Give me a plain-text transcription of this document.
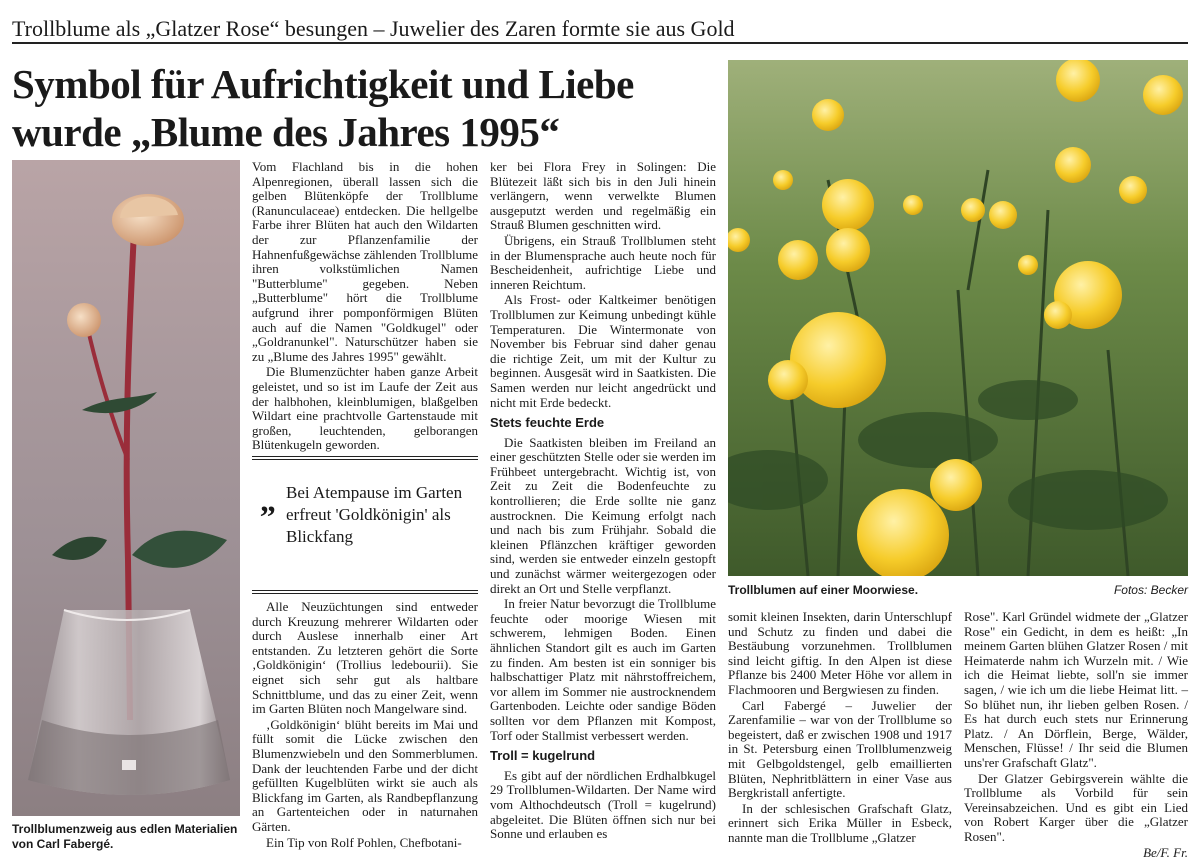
Trollblume als „Glatzer Rose“ besungen – Juwelier des Zaren formte sie aus Gold
Symbol für Aufrichtigkeit und Liebe
wurde „Blume des Jahres 1995“
Trollblumenzweig aus edlen Materialien von Carl Fabergé.

Vom Flachland bis in die hohen Alpenregionen, überall lassen sich die gelben Blütenköpfe der Trollblume (Ranunculaceae) entdecken. Die hellgelbe Farbe ihrer Blüten hat auch den Wildarten der zur Pflanzenfamilie der Hahnenfußgewächse zählenden Trollblume ihren volkstümlichen Namen "Butterblume" gegeben. Neben „Butterblume" hört die Trollblume aufgrund ihrer pomponförmigen Blüten auch auf die Namen "Goldkugel" oder „Goldranunkel". Naturschützer haben sie zu „Blume des Jahres 1995" gewählt.

Die Blumenzüchter haben ganze Arbeit geleistet, und so ist im Laufe der Zeit aus der halbhohen, kleinblumigen, blaßgelben Wildart eine prachtvolle Gartenstaude mit großen, leuchtenden, gelborangen Blütenkugeln geworden.

„ Bei Atempause im Garten erfreut 'Goldkönigin' als Blickfang

Alle Neuzüchtungen sind entweder durch Kreuzung mehrerer Wildarten oder durch Auslese innerhalb einer Art entstanden. Zu letzteren gehört die Sorte ‚Goldkönigin‘ (Trollius ledebourii). Sie eignet sich sehr gut als haltbare Schnittblume, und das zu einer Zeit, wenn im Garten Blüten noch Mangelware sind.

‚Goldkönigin‘ blüht bereits im Mai und füllt somit die Lücke zwischen den Blumenzwiebeln und den Sommerblumen. Dank der leuchtenden Farbe und der dicht gefüllten Kugelblüten wirkt sie auch als Blickfang im Garten, als Randbepflanzung an Gartenteichen oder in naturnahen Gärten.

Ein Tip von Rolf Pohlen, Chefbotani-

ker bei Flora Frey in Solingen: Die Blütezeit läßt sich bis in den Juli hinein verlängern, wenn verwelkte Blumen ausgeputzt werden und regelmäßig ein Strauß Blumen geschnitten wird.

Übrigens, ein Strauß Trollblumen steht in der Blumensprache auch heute noch für Bescheidenheit, aufrichtige Liebe und inneren Reichtum.

Als Frost- oder Kaltkeimer benötigen Trollblumen zur Keimung unbedingt kühle Temperaturen. Die Wintermonate von November bis Februar sind daher genau die richtige Zeit, um mit der Kultur zu beginnen. Ausgesät wird in Saatkisten. Die Samen werden nur leicht angedrückt und nicht mit Erde bedeckt.

Stets feuchte Erde

Die Saatkisten bleiben im Freiland an einer geschützten Stelle oder sie werden im Frühbeet untergebracht. Wichtig ist, von Zeit zu Zeit die Bodenfeuchte zu kontrollieren; die Erde sollte nie ganz austrocknen. Die Keimung erfolgt nach und nach bis zum Frühjahr. Sobald die kleinen Pflänzchen kräftiger geworden sind, werden sie entweder einzeln gestopft und zunächst wärmer weitergezogen oder direkt an Ort und Stelle verpflanzt.

In freier Natur bevorzugt die Trollblume feuchte oder moorige Wiesen mit schwerem, lehmigen Boden. Einen ähnlichen Standort gilt es auch im Garten zu finden. Am besten ist ein sonniger bis halbschattiger Platz mit nährstoffreichem, vor allem im Sommer nie austrocknendem Gartenboden. Leichte oder sandige Böden sollten vor dem Pflanzen mit Kompost, Torf oder Stallmist verbessert werden.

Troll = kugelrund

Es gibt auf der nördlichen Erdhalbkugel 29 Trollblumen-Wildarten. Der Name wird vom Althochdeutsch (Troll = kugelrund) abgeleitet. Die Blüten öffnen sich nur bei Sonne und erlauben es

Trollblumen auf einer Moorwiese.	Fotos: Becker

somit kleinen Insekten, darin Unterschlupf und Schutz zu finden und dabei die Bestäubung vorzunehmen. Trollblumen sind leicht giftig. In den Alpen ist diese Pflanze bis 2400 Meter Höhe vor allem in Flachmooren und Bergwiesen zu finden.

Carl Fabergé – Juwelier der Zarenfamilie – war von der Trollblume so begeistert, daß er zwischen 1908 und 1917 in St. Petersburg einen Trollblumenzweig mit Gelbgoldstengel, gelb emaillierten Blüten, Nephritblättern in einer Vase aus Bergkristall anfertigte.

In der schlesischen Grafschaft Glatz, erinnert sich Erika Müller in Esbeck, nannte man die Trollblume „Glatzer

Rose". Karl Gründel widmete der „Glatzer Rose" ein Gedicht, in dem es heißt: „In meinem Garten blühen Glatzer Rosen / mit Heimaterde nahm ich Wurzeln mit. / Wie ich die Heimat liebte, soll'n sie immer sagen, / wie ich um die liebe Heimat litt. – So blühet nun, ihr lieben gelben Rosen. / Es hat durch euch stets nur Erinnerung Platz. / An Dörflein, Berge, Wälder, Menschen, Flüsse! / Ihr seid die Blumen uns'rer Grafschaft Glatz".

Der Glatzer Gebirgsverein wählte die Trollblume als Vorbild für sein Vereinsabzeichen. Und es gibt ein Lied von Robert Karger über die „Glatzer Rosen".

Be/F. Fr.
